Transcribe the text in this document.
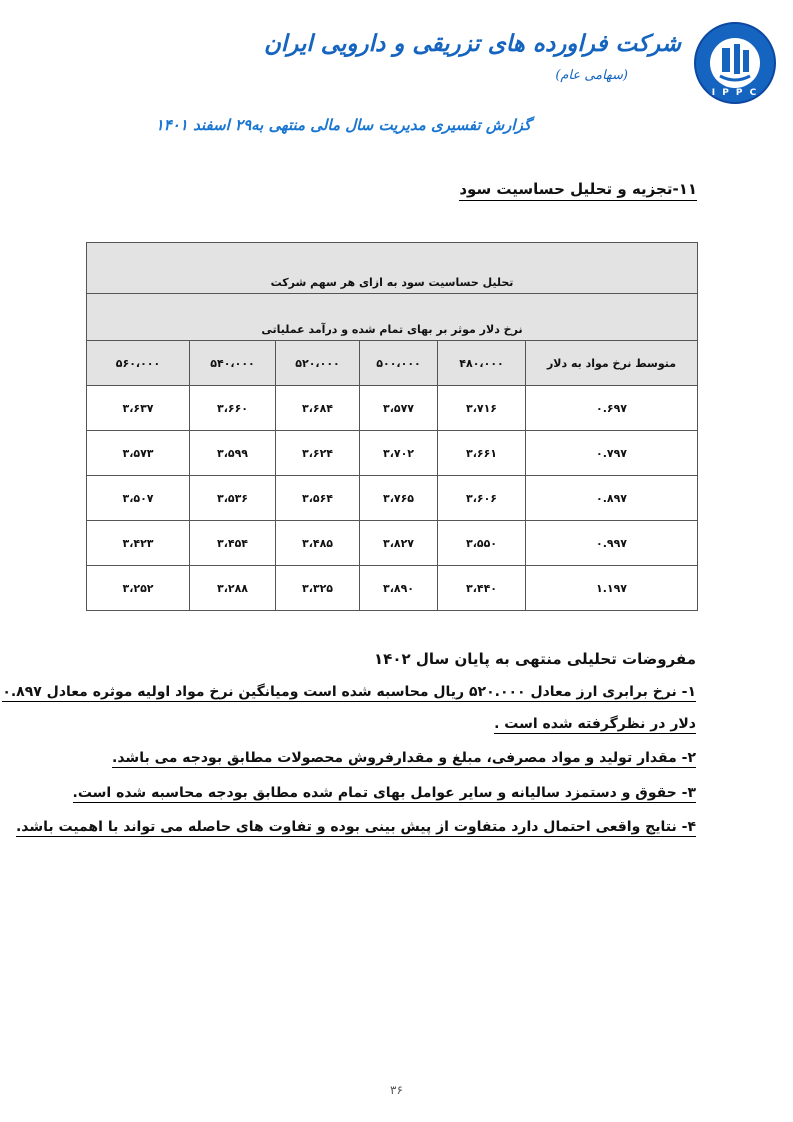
I P P C
شرکت فراورده های تزریقی و دارویی ایران
(سهامی عام)
گزارش تفسیری مدیریت سال مالی منتهی به۲۹ اسفند ۱۴۰۱
۱۱-تجزیه و تحلیل حساسیت سود
تحلیل حساسیت سود به ازای هر سهم شرکت					
نرخ دلار موثر بر بهای تمام شده و درآمد عملیاتی					
متوسط نرخ مواد به دلار	۴۸۰،۰۰۰	۵۰۰،۰۰۰	۵۲۰،۰۰۰	۵۴۰،۰۰۰	۵۶۰،۰۰۰
۰.۶۹۷	۳،۷۱۶	۳،۵۷۷	۳،۶۸۴	۳،۶۶۰	۳،۶۳۷
۰.۷۹۷	۳،۶۶۱	۳،۷۰۲	۳،۶۲۴	۳،۵۹۹	۳،۵۷۳
۰.۸۹۷	۳،۶۰۶	۳،۷۶۵	۳،۵۶۴	۳،۵۳۶	۳،۵۰۷
۰.۹۹۷	۳،۵۵۰	۳،۸۲۷	۳،۴۸۵	۳،۴۵۴	۳،۴۲۳
۱.۱۹۷	۳،۴۴۰	۳،۸۹۰	۳،۳۲۵	۳،۲۸۸	۳،۲۵۲
مفروضات تحلیلی منتهی به پایان سال ۱۴۰۲
۱- نرخ برابری ارز معادل ۵۲۰.۰۰۰ ریال محاسبه شده است ومیانگین نرخ مواد اولیه موثره معادل ۰.۸۹۷
دلار در نظرگرفته شده است .
۲- مقدار تولید و مواد مصرفی، مبلغ و مقدارفروش محصولات مطابق بودجه می باشد.
۳- حقوق و دستمزد سالیانه و سایر عوامل بهای تمام شده مطابق بودجه محاسبه شده است.
۴- نتایج واقعی احتمال دارد متفاوت از پیش بینی بوده و تفاوت های حاصله می تواند با اهمیت باشد.
۳۶
